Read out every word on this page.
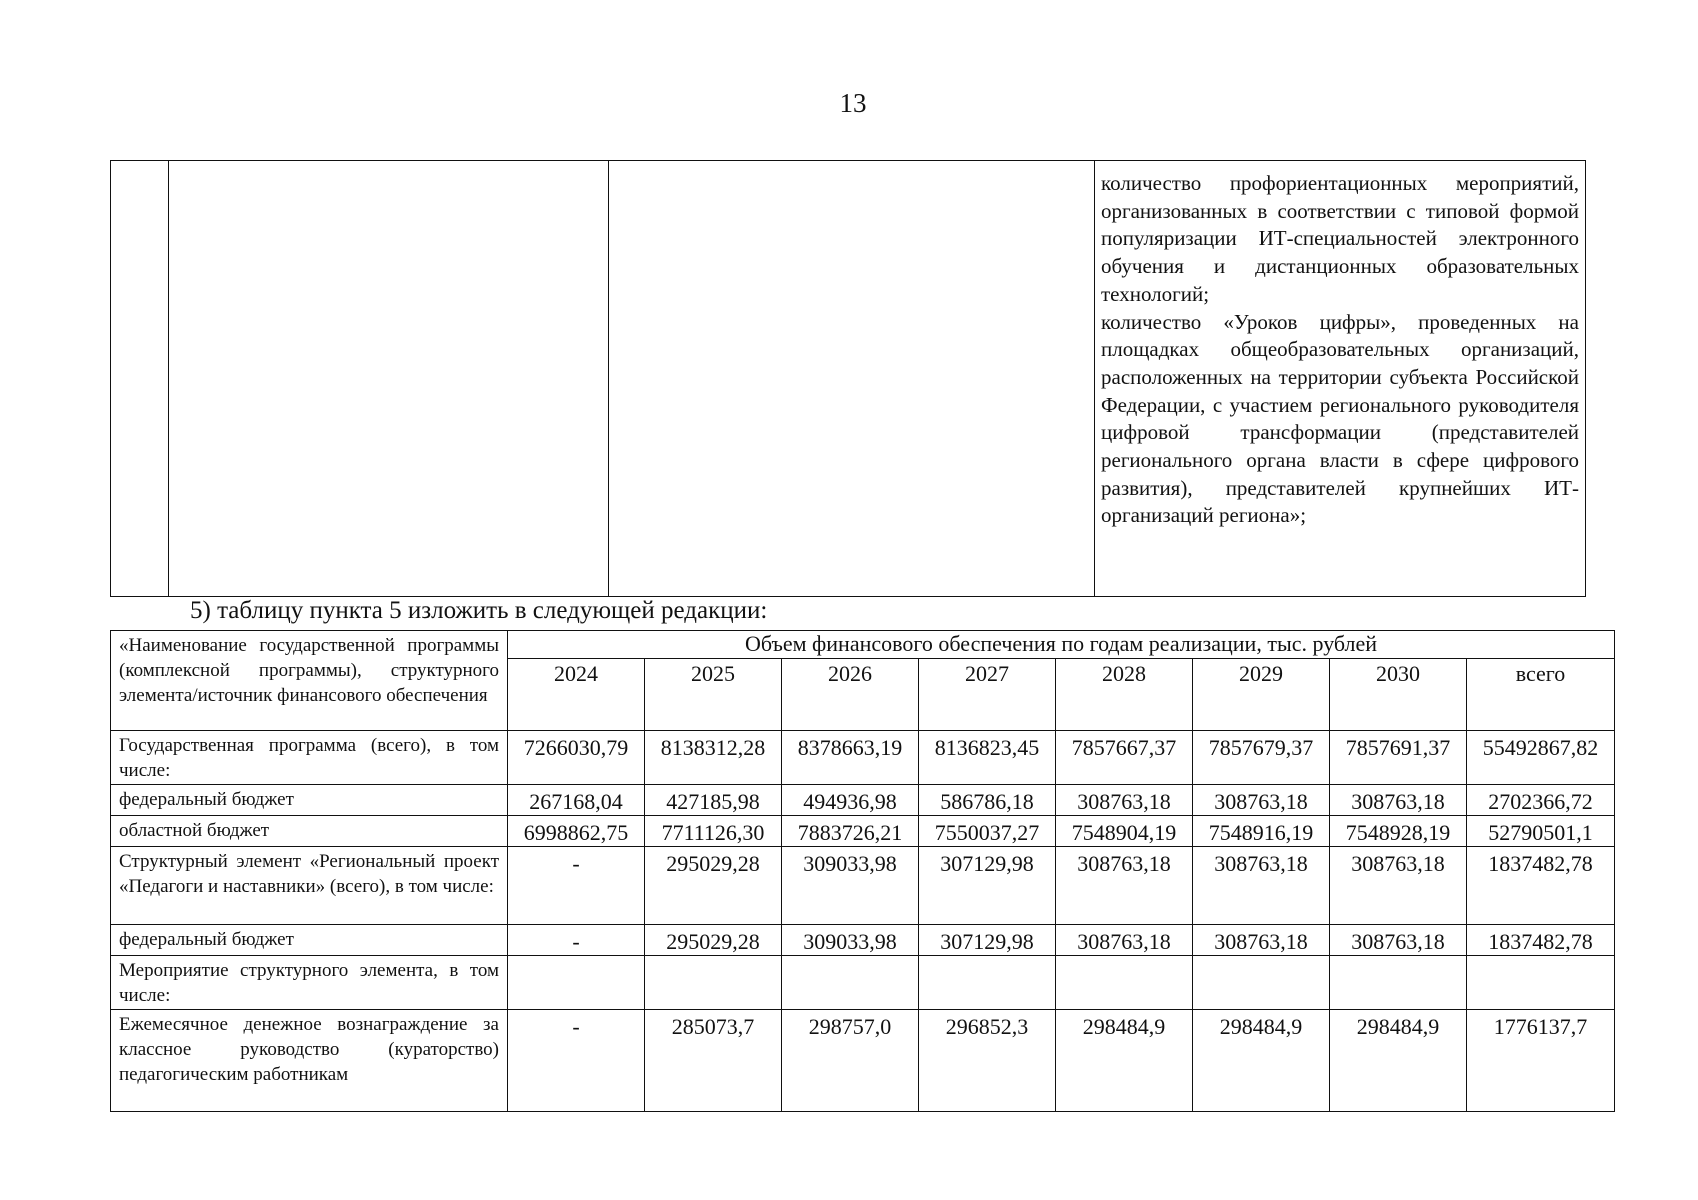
13

количество профориентационных мероприятий, организованных в соответствии с типовой формой популяризации ИТ-специальностей электронного обучения и дистанционных образовательных технологий;

количество «Уроков цифры», проведенных на площадках общеобразовательных организаций, расположенных на территории субъекта Российской Федерации, с участием регионального руководителя цифровой трансформации (представителей регионального органа власти в сфере цифрового развития), представителей крупнейших ИТ-организаций региона»;

5) таблицу пункта 5 изложить в следующей редакции:
«Наименование государственной программы (комплексной программы), структурного элемента/источник финансового обеспечения	Объем финансового обеспечения по годам реализации, тыс. рублей							
	2024	2025	2026	2027	2028	2029	2030	всего
Государственная программа (всего), в том числе:	7266030,79	8138312,28	8378663,19	8136823,45	7857667,37	7857679,37	7857691,37	55492867,82
федеральный бюджет	267168,04	427185,98	494936,98	586786,18	308763,18	308763,18	308763,18	2702366,72
областной бюджет	6998862,75	7711126,30	7883726,21	7550037,27	7548904,19	7548916,19	7548928,19	52790501,1
Структурный элемент «Региональный проект «Педагоги и наставники» (всего), в том числе:	-	295029,28	309033,98	307129,98	308763,18	308763,18	308763,18	1837482,78
федеральный бюджет	-	295029,28	309033,98	307129,98	308763,18	308763,18	308763,18	1837482,78
Мероприятие структурного элемента, в том числе:								
Ежемесячное денежное вознаграждение за классное руководство (кураторство) педагогическим работникам	-	285073,7	298757,0	296852,3	298484,9	298484,9	298484,9	1776137,7
